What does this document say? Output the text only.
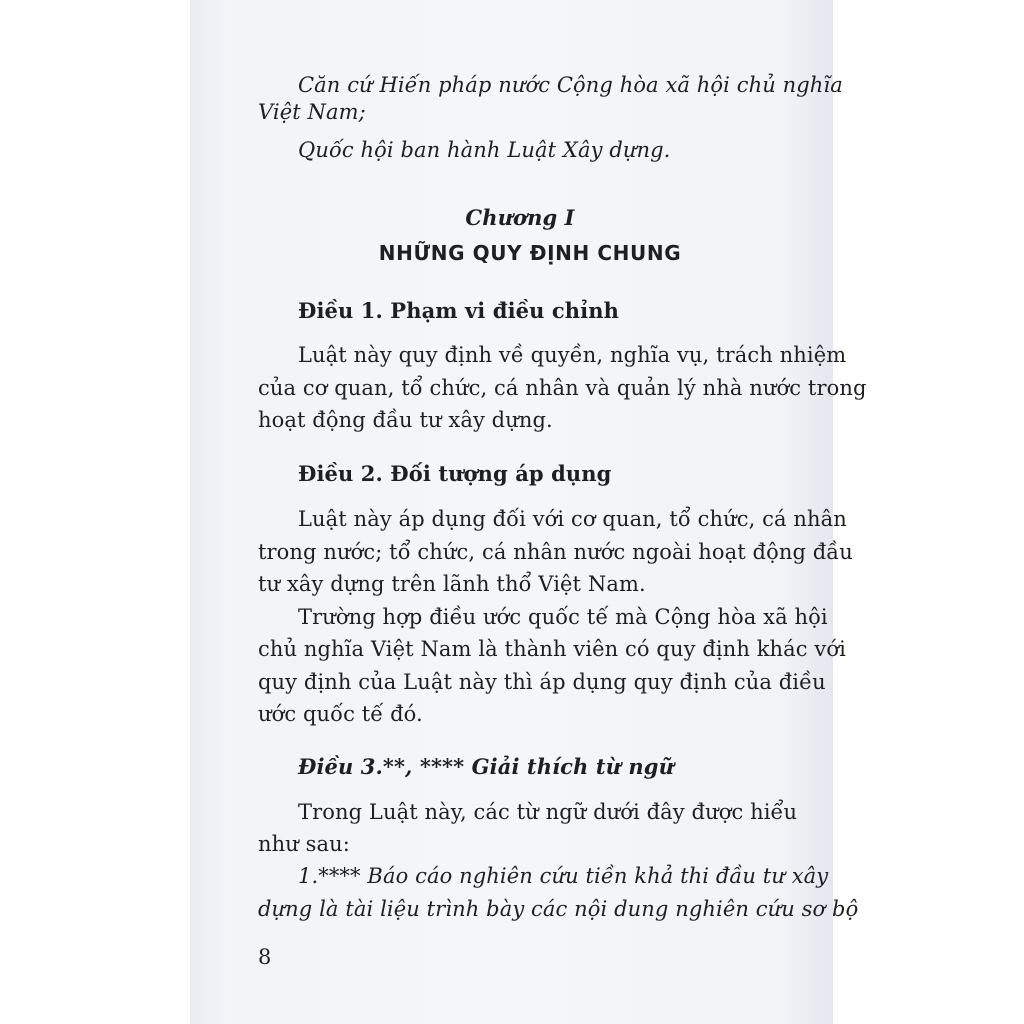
Căn cứ Hiến pháp nước Cộng hòa xã hội chủ nghĩa
Việt Nam;
Quốc hội ban hành Luật Xây dựng.
Chương I
NHỮNG QUY ĐỊNH CHUNG
Điều 1. Phạm vi điều chỉnh
Luật này quy định về quyền, nghĩa vụ, trách nhiệm
của cơ quan, tổ chức, cá nhân và quản lý nhà nước trong
hoạt động đầu tư xây dựng.
Điều 2. Đối tượng áp dụng
Luật này áp dụng đối với cơ quan, tổ chức, cá nhân
trong nước; tổ chức, cá nhân nước ngoài hoạt động đầu
tư xây dựng trên lãnh thổ Việt Nam.
Trường hợp điều ước quốc tế mà Cộng hòa xã hội
chủ nghĩa Việt Nam là thành viên có quy định khác với
quy định của Luật này thì áp dụng quy định của điều
ước quốc tế đó.
Điều 3.**, **** Giải thích từ ngữ
Trong Luật này, các từ ngữ dưới đây được hiểu
như sau:
1.**** Báo cáo nghiên cứu tiền khả thi đầu tư xây
dựng là tài liệu trình bày các nội dung nghiên cứu sơ bộ
8
